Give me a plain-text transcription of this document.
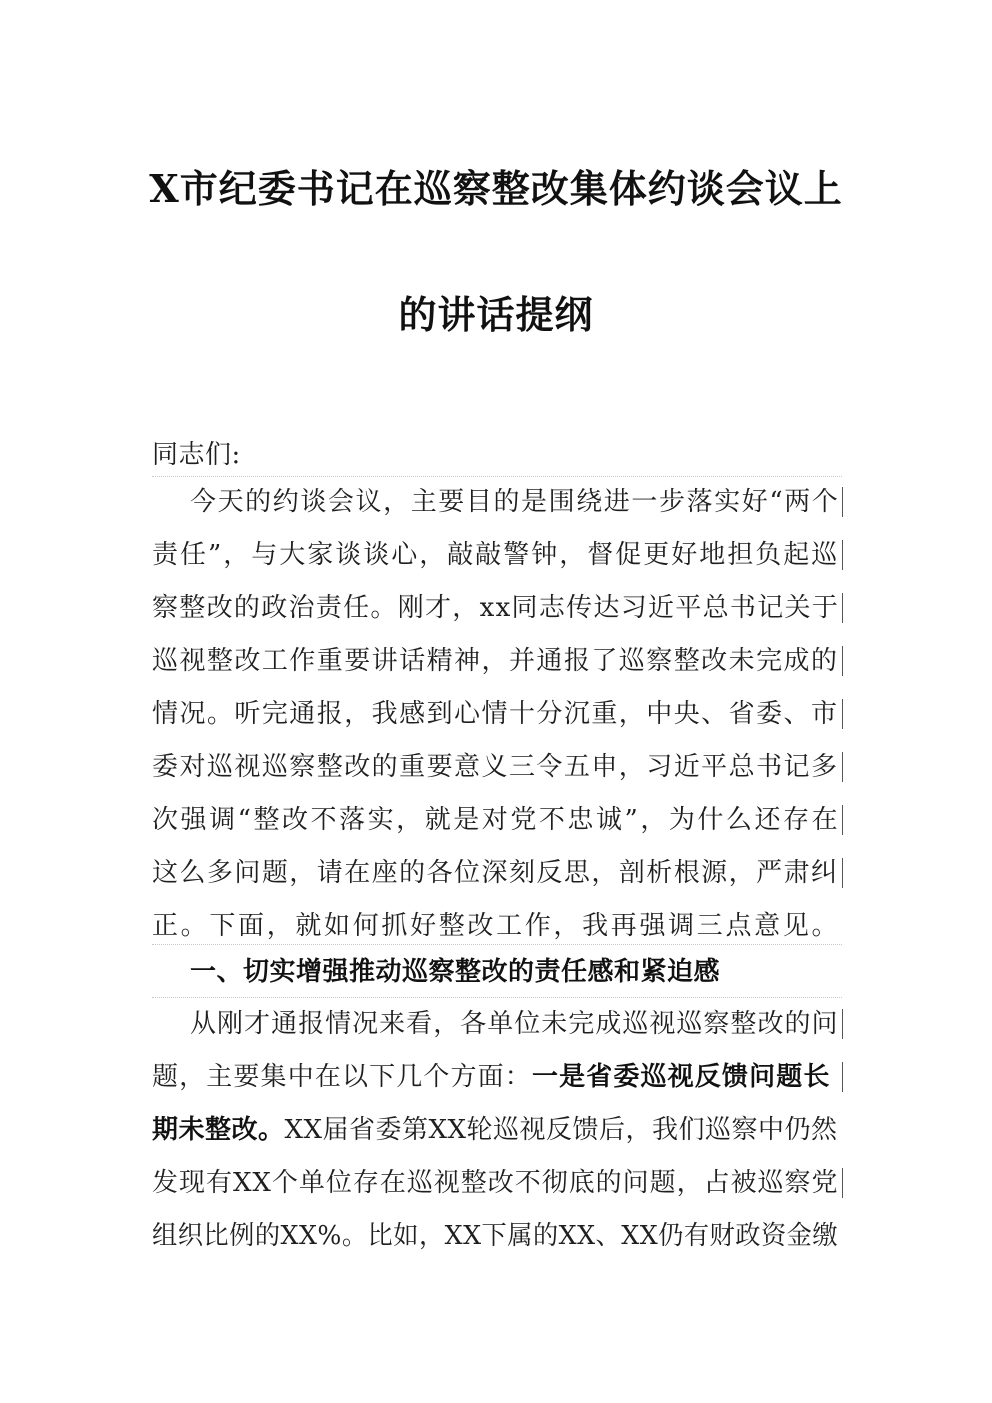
X市纪委书记在巡察整改集体约谈会议上
的讲话提纲
同志们:
今天的约谈会议，主要目的是围绕进一步落实好“两个
责任”，与大家谈谈心，敲敲警钟，督促更好地担负起巡
察整改的政治责任。刚才，xx同志传达习近平总书记关于
巡视整改工作重要讲话精神，并通报了巡察整改未完成的
情况。听完通报，我感到心情十分沉重，中央、省委、市
委对巡视巡察整改的重要意义三令五申，习近平总书记多
次强调“整改不落实，就是对党不忠诚”，为什么还存在
这么多问题，请在座的各位深刻反思，剖析根源，严肃纠
正。下面，就如何抓好整改工作，我再强调三点意见。
一、切实增强推动巡察整改的责任感和紧迫感
从刚才通报情况来看，各单位未完成巡视巡察整改的问
题，主要集中在以下几个方面：一是省委巡视反馈问题长
期未整改。XX届省委第XX轮巡视反馈后，我们巡察中仍然
发现有XX个单位存在巡视整改不彻底的问题，占被巡察党
组织比例的XX%。比如，XX下属的XX、XX仍有财政资金缴
